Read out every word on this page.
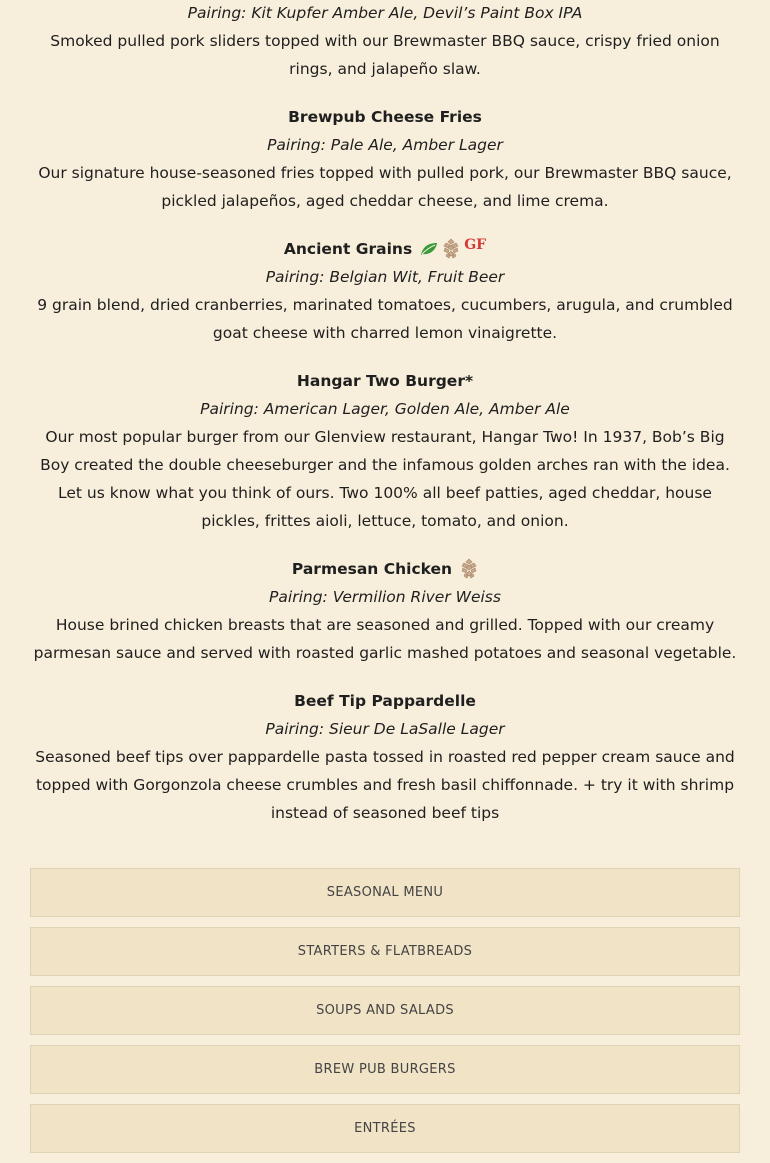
Pairing: Kit Kupfer Amber Ale, Devil’s Paint Box IPA
Smoked pulled pork sliders topped with our Brewmaster BBQ sauce, crispy fried onion rings, and jalapeño slaw.
Brewpub Cheese Fries
Pairing: Pale Ale, Amber Lager
Our signature house-seasoned fries topped with pulled pork, our Brewmaster BBQ sauce, pickled jalapeños, aged cheddar cheese, and lime crema.
Ancient Grains	GF
Pairing: Belgian Wit, Fruit Beer
9 grain blend, dried cranberries, marinated tomatoes, cucumbers, arugula, and crumbled goat cheese with charred lemon vinaigrette.
Hangar Two Burger*
Pairing: American Lager, Golden Ale, Amber Ale
Our most popular burger from our Glenview restaurant, Hangar Two! In 1937, Bob’s Big Boy created the double cheeseburger and the infamous golden arches ran with the idea. Let us know what you think of ours. Two 100% all beef patties, aged cheddar, house pickles, frittes aioli, lettuce, tomato, and onion.
Parmesan Chicken
Pairing: Vermilion River Weiss
House brined chicken breasts that are seasoned and grilled. Topped with our creamy parmesan sauce and served with roasted garlic mashed potatoes and seasonal vegetable.
Beef Tip Pappardelle
Pairing: Sieur De LaSalle Lager
Seasoned beef tips over pappardelle pasta tossed in roasted red pepper cream sauce and topped with Gorgonzola cheese crumbles and fresh basil chiffonnade. + try it with shrimp instead of seasoned beef tips
SEASONAL MENU
STARTERS & FLATBREADS
SOUPS AND SALADS
BREW PUB BURGERS
ENTRÉES
